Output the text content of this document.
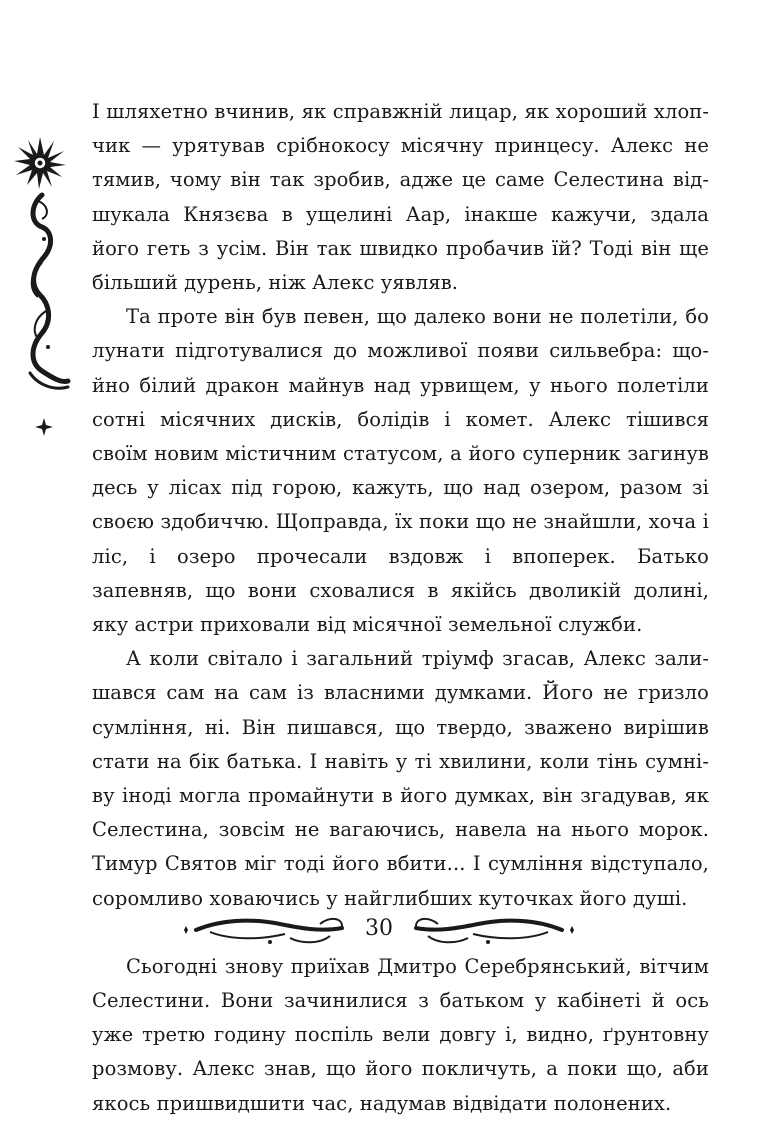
І шляхетно вчинив, як справжній лицар, як хороший хлопчик — урятував срібнокосу місячну принцесу. Алекс не тямив, чому він так зробив, адже це саме Селестина відшукала Князєва в ущелині Аар, інакше кажучи, здала його геть з усім. Він так швидко пробачив їй? Тоді він ще більший дурень, ніж Алекс уявляв.

Та проте він був певен, що далеко вони не полетіли, бо лунати підготувалися до можливої появи сильвебра: щойно білий дракон майнув над урвищем, у нього полетіли сотні місячних дисків, болідів і комет. Алекс тішився своїм новим містичним статусом, а його суперник загинув десь у лісах під горою, кажуть, що над озером, разом зі своєю здобиччю. Щоправда, їх поки що не знайшли, хоча і ліс, і озеро прочесали вздовж і впоперек. Батько запевняв, що вони сховалися в якійсь дволикій долині, яку астри приховали від місячної земельної служби.

А коли світало і загальний тріумф згасав, Алекс залишався сам на сам із власними думками. Його не гризло сумління, ні. Він пишався, що твердо, зважено вирішив стати на бік батька. І навіть у ті хвилини, коли тінь сумніву іноді могла промайнути в його думках, він згадував, як Селестина, зовсім не вагаючись, навела на нього морок. Тимур Святов міг тоді його вбити... І сумління відступало, соромливо ховаючись у найглибших куточках його душі.

Сьогодні знову приїхав Дмитро Серебрянський, вітчим Селестини. Вони зачинилися з батьком у кабінеті й ось уже третю годину поспіль вели довгу і, видно, ґрунтовну розмову. Алекс знав, що його покличуть, а поки що, аби якось пришвидшити час, надумав відвідати полонених.

30
